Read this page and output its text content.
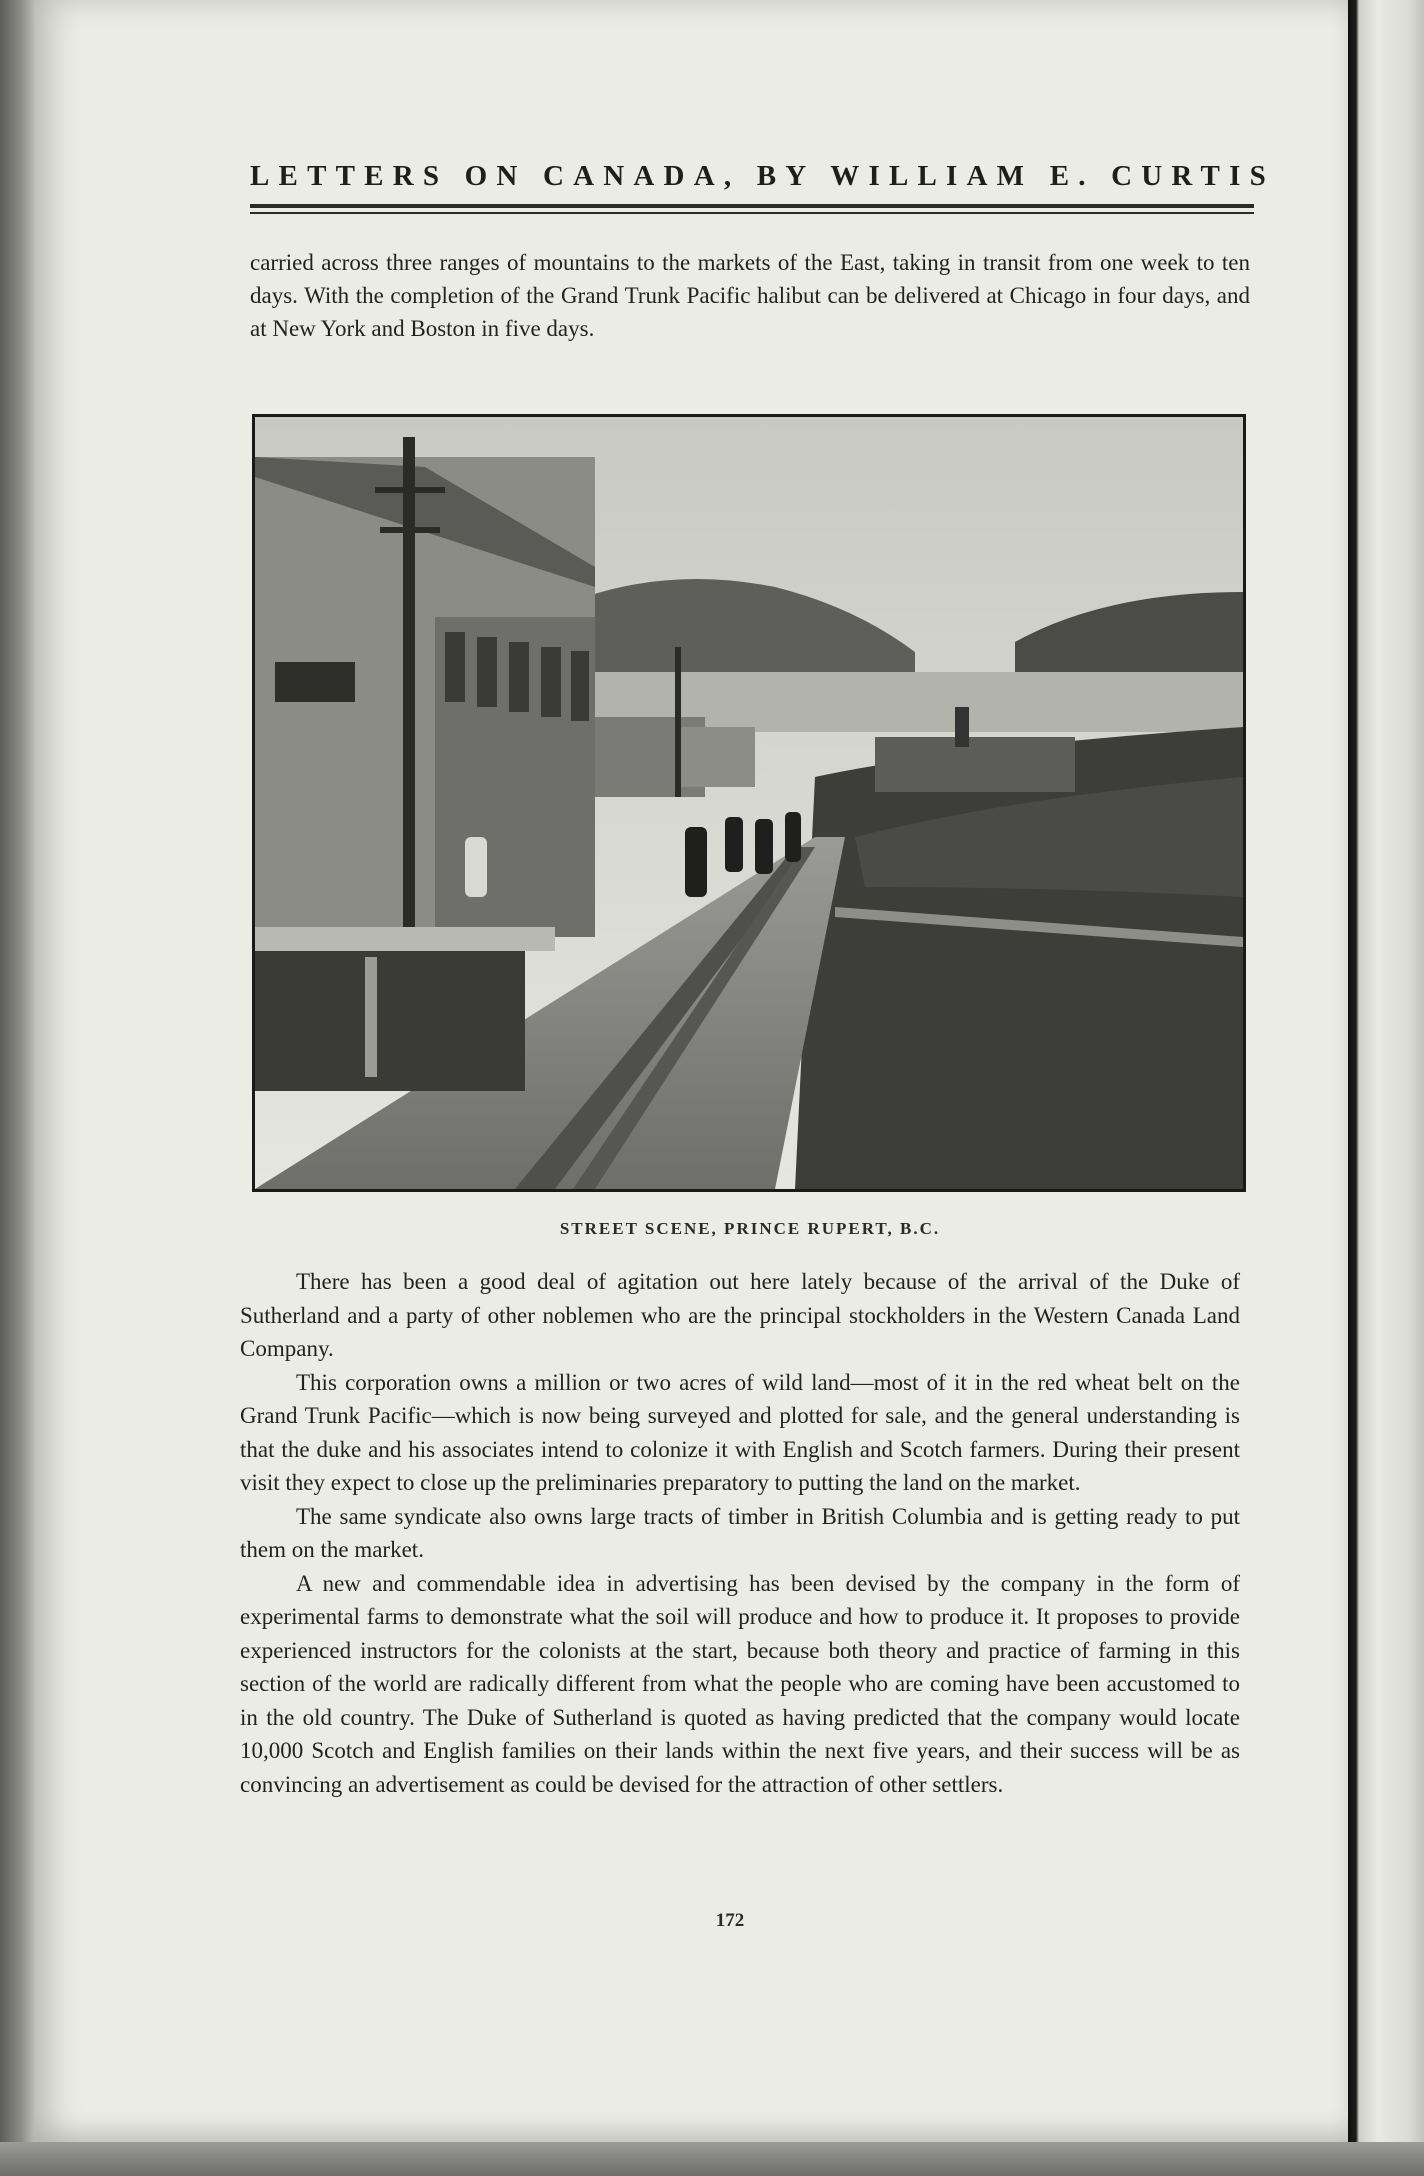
LETTERS ON CANADA, BY WILLIAM E. CURTIS

carried across three ranges of mountains to the markets of the East, taking in transit from one week to ten days. With the completion of the Grand Trunk Pacific halibut can be delivered at Chicago in four days, and at New York and Boston in five days.

STREET SCENE, PRINCE RUPERT, B.C.

There has been a good deal of agitation out here lately because of the arrival of the Duke of Sutherland and a party of other noblemen who are the principal stockholders in the Western Canada Land Company.

This corporation owns a million or two acres of wild land—most of it in the red wheat belt on the Grand Trunk Pacific—which is now being surveyed and plotted for sale, and the general understanding is that the duke and his associates intend to colonize it with English and Scotch farmers. During their present visit they expect to close up the preliminaries preparatory to putting the land on the market.

The same syndicate also owns large tracts of timber in British Columbia and is getting ready to put them on the market.

A new and commendable idea in advertising has been devised by the company in the form of experimental farms to demonstrate what the soil will produce and how to produce it. It proposes to provide experienced instructors for the colonists at the start, because both theory and practice of farming in this section of the world are radically different from what the people who are coming have been accustomed to in the old country. The Duke of Sutherland is quoted as having predicted that the company would locate 10,000 Scotch and English families on their lands within the next five years, and their success will be as convincing an advertisement as could be devised for the attraction of other settlers.

172
